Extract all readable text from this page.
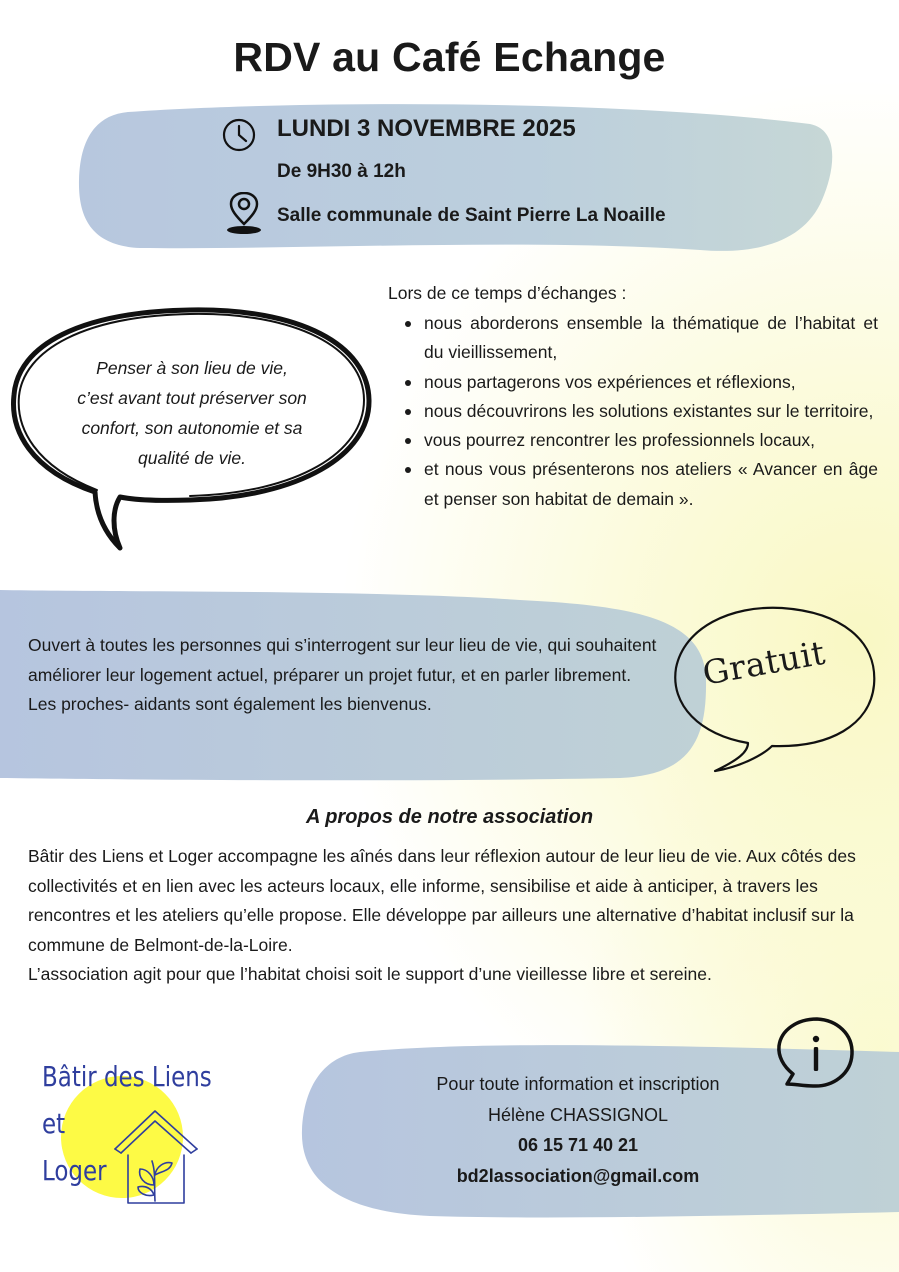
RDV au Café Echange
LUNDI 3 NOVEMBRE 2025
De 9H30 à 12h
Salle communale de Saint Pierre La Noaille
Penser à son lieu de vie,
c’est avant tout préserver son
confort, son autonomie et sa
qualité de vie.
Lors de ce temps d’échanges :
nous aborderons ensemble la thématique de l’habitat et du vieillissement,
nous partagerons vos expériences et réflexions,
nous découvrirons les solutions existantes sur le territoire,
vous pourrez rencontrer les professionnels locaux,
et nous vous présenterons nos ateliers « Avancer en âge et penser son habitat de demain ».

Ouvert à toutes les personnes qui s’interrogent sur leur lieu de vie, qui souhaitent améliorer leur logement actuel, préparer un projet futur, et en parler librement.

Les proches- aidants sont également les bienvenus.

Gratuit
A propos de notre association

Bâtir des Liens et Loger accompagne les aînés dans leur réflexion autour de leur lieu de vie. Aux côtés des collectivités et en lien avec les acteurs locaux, elle informe, sensibilise et aide à anticiper, à travers les rencontres et les ateliers qu’elle propose. Elle développe par ailleurs une alternative d’habitat inclusif sur la commune de Belmont-de-la-Loire.

L’association agit pour que l’habitat choisi soit le support d’une vieillesse libre et sereine.

Bâtir des Liens
et
Loger
Pour toute information et inscription
Hélène CHASSIGNOL
06 15 71 40 21
bd2lassociation@gmail.com
